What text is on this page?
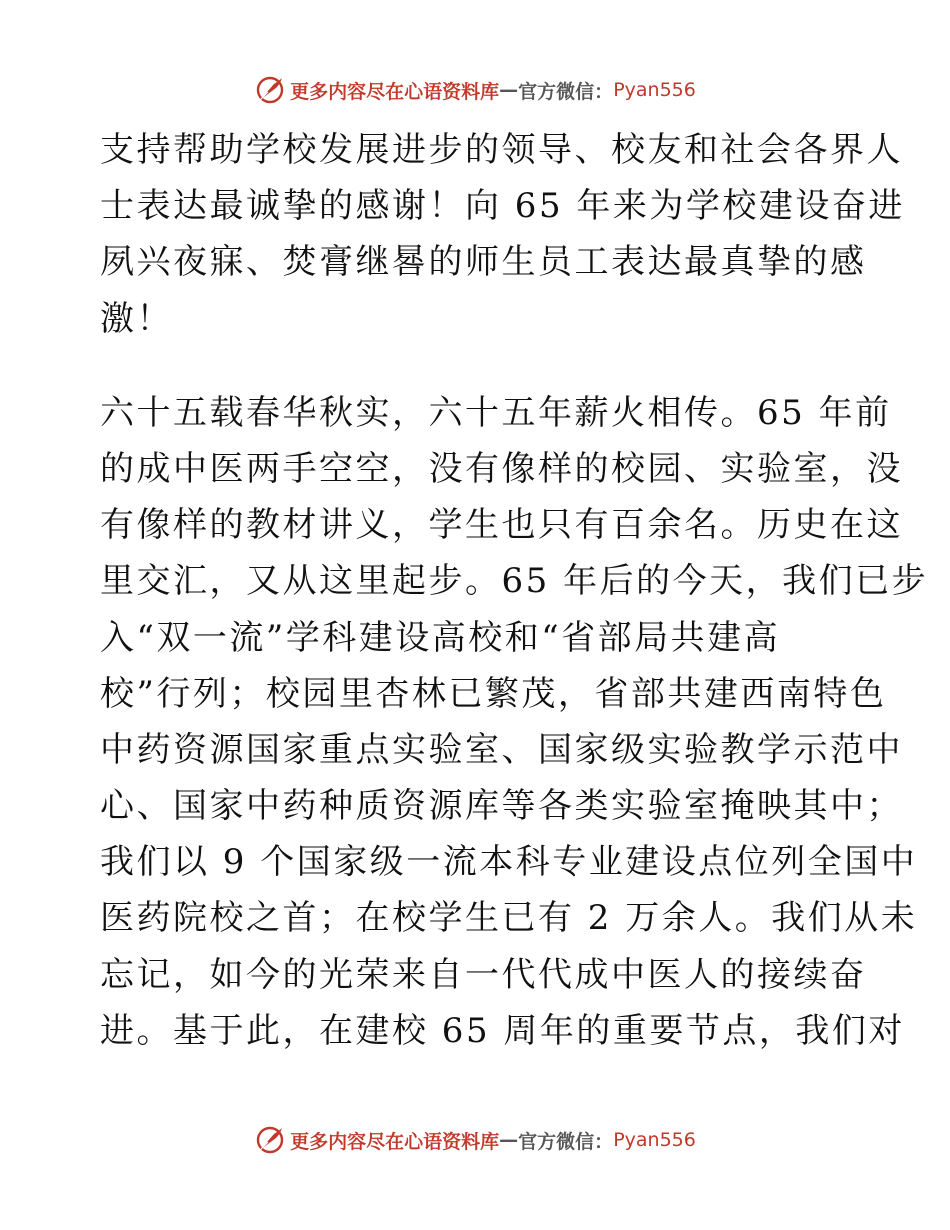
更多内容尽在心语资料库 — 官方微信： Pyan556
支持帮助学校发展进步的领导、校友和社会各界人
士表达最诚挚的感谢！向 65 年来为学校建设奋进
夙兴夜寐、焚膏继晷的师生员工表达最真挚的感
激！
六十五载春华秋实，六十五年薪火相传。65 年前
的成中医两手空空，没有像样的校园、实验室，没
有像样的教材讲义，学生也只有百余名。历史在这
里交汇，又从这里起步。65 年后的今天，我们已步
入“双一流”学科建设高校和“省部局共建高
校”行列；校园里杏林已繁茂，省部共建西南特色
中药资源国家重点实验室、国家级实验教学示范中
心、国家中药种质资源库等各类实验室掩映其中；
我们以 9 个国家级一流本科专业建设点位列全国中
医药院校之首；在校学生已有 2 万余人。我们从未
忘记，如今的光荣来自一代代成中医人的接续奋
进。基于此，在建校 65 周年的重要节点，我们对
更多内容尽在心语资料库 — 官方微信： Pyan556
